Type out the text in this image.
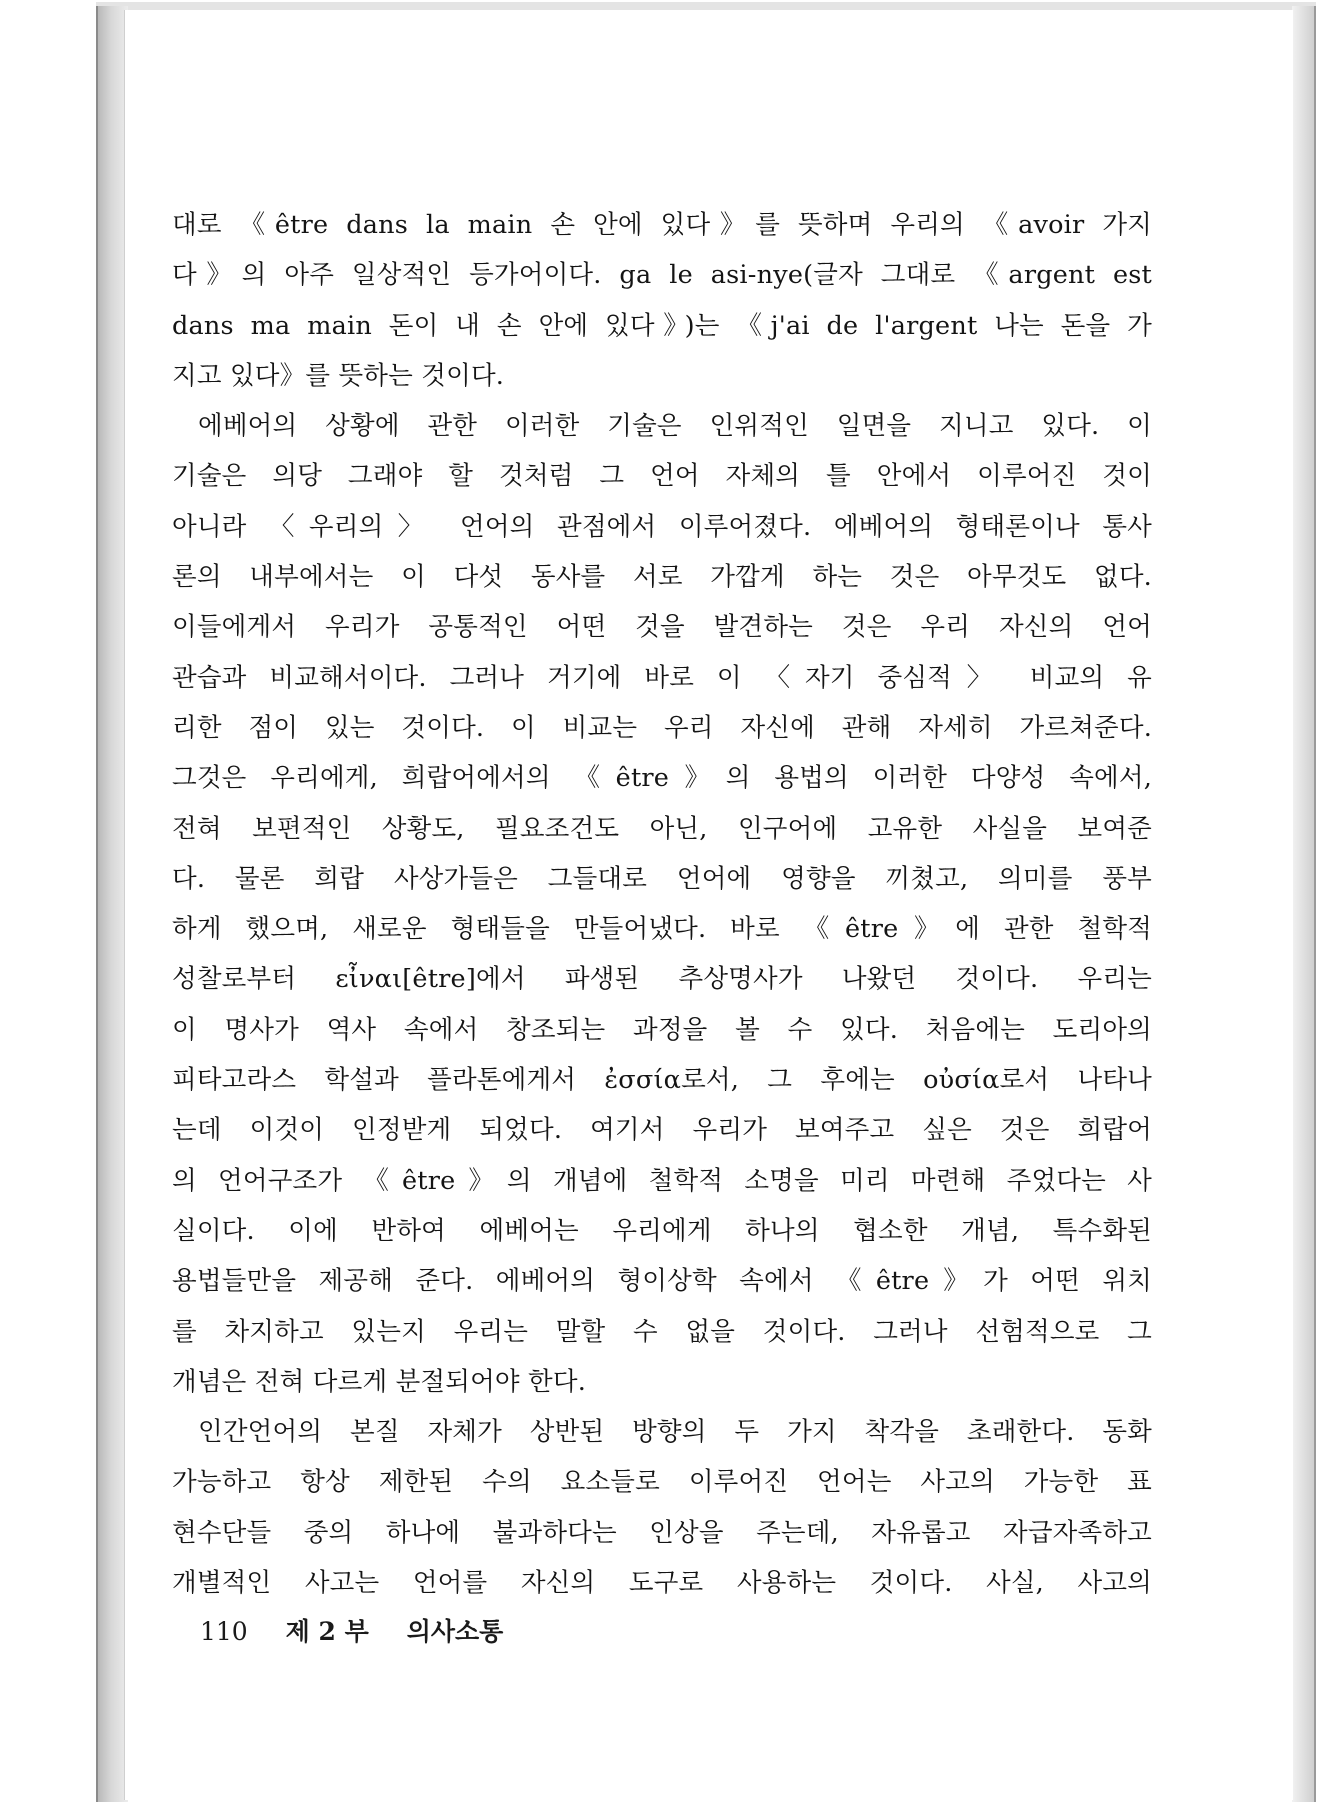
대로 《être dans la main 손 안에 있다》를 뜻하며 우리의 《avoir 가지
다》의 아주 일상적인 등가어이다. ga le asi-nye(글자 그대로 《argent est
dans ma main 돈이 내 손 안에 있다》)는 《j'ai de l'argent 나는 돈을 가
지고 있다》를 뜻하는 것이다.
에베어의 상황에 관한 이러한 기술은 인위적인 일면을 지니고 있다. 이
기술은 의당 그래야 할 것처럼 그 언어 자체의 틀 안에서 이루어진 것이
아니라 〈우리의〉 언어의 관점에서 이루어졌다. 에베어의 형태론이나 통사
론의 내부에서는 이 다섯 동사를 서로 가깝게 하는 것은 아무것도 없다.
이들에게서 우리가 공통적인 어떤 것을 발견하는 것은 우리 자신의 언어
관습과 비교해서이다. 그러나 거기에 바로 이 〈자기 중심적〉 비교의 유
리한 점이 있는 것이다. 이 비교는 우리 자신에 관해 자세히 가르쳐준다.
그것은 우리에게, 희랍어에서의 《être》의 용법의 이러한 다양성 속에서,
전혀 보편적인 상황도, 필요조건도 아닌, 인구어에 고유한 사실을 보여준
다. 물론 희랍 사상가들은 그들대로 언어에 영향을 끼쳤고, 의미를 풍부
하게 했으며, 새로운 형태들을 만들어냈다. 바로 《être》에 관한 철학적
성찰로부터 εἶναι[être]에서 파생된 추상명사가 나왔던 것이다. 우리는
이 명사가 역사 속에서 창조되는 과정을 볼 수 있다. 처음에는 도리아의
피타고라스 학설과 플라톤에게서 ἐσσία로서, 그 후에는 οὐσία로서 나타나
는데 이것이 인정받게 되었다. 여기서 우리가 보여주고 싶은 것은 희랍어
의 언어구조가 《être》의 개념에 철학적 소명을 미리 마련해 주었다는 사
실이다. 이에 반하여 에베어는 우리에게 하나의 협소한 개념, 특수화된
용법들만을 제공해 준다. 에베어의 형이상학 속에서 《être》가 어떤 위치
를 차지하고 있는지 우리는 말할 수 없을 것이다. 그러나 선험적으로 그
개념은 전혀 다르게 분절되어야 한다.
인간언어의 본질 자체가 상반된 방향의 두 가지 착각을 초래한다. 동화
가능하고 항상 제한된 수의 요소들로 이루어진 언어는 사고의 가능한 표
현수단들 중의 하나에 불과하다는 인상을 주는데, 자유롭고 자급자족하고
개별적인 사고는 언어를 자신의 도구로 사용하는 것이다. 사실, 사고의
110 제 2 부 의사소통
